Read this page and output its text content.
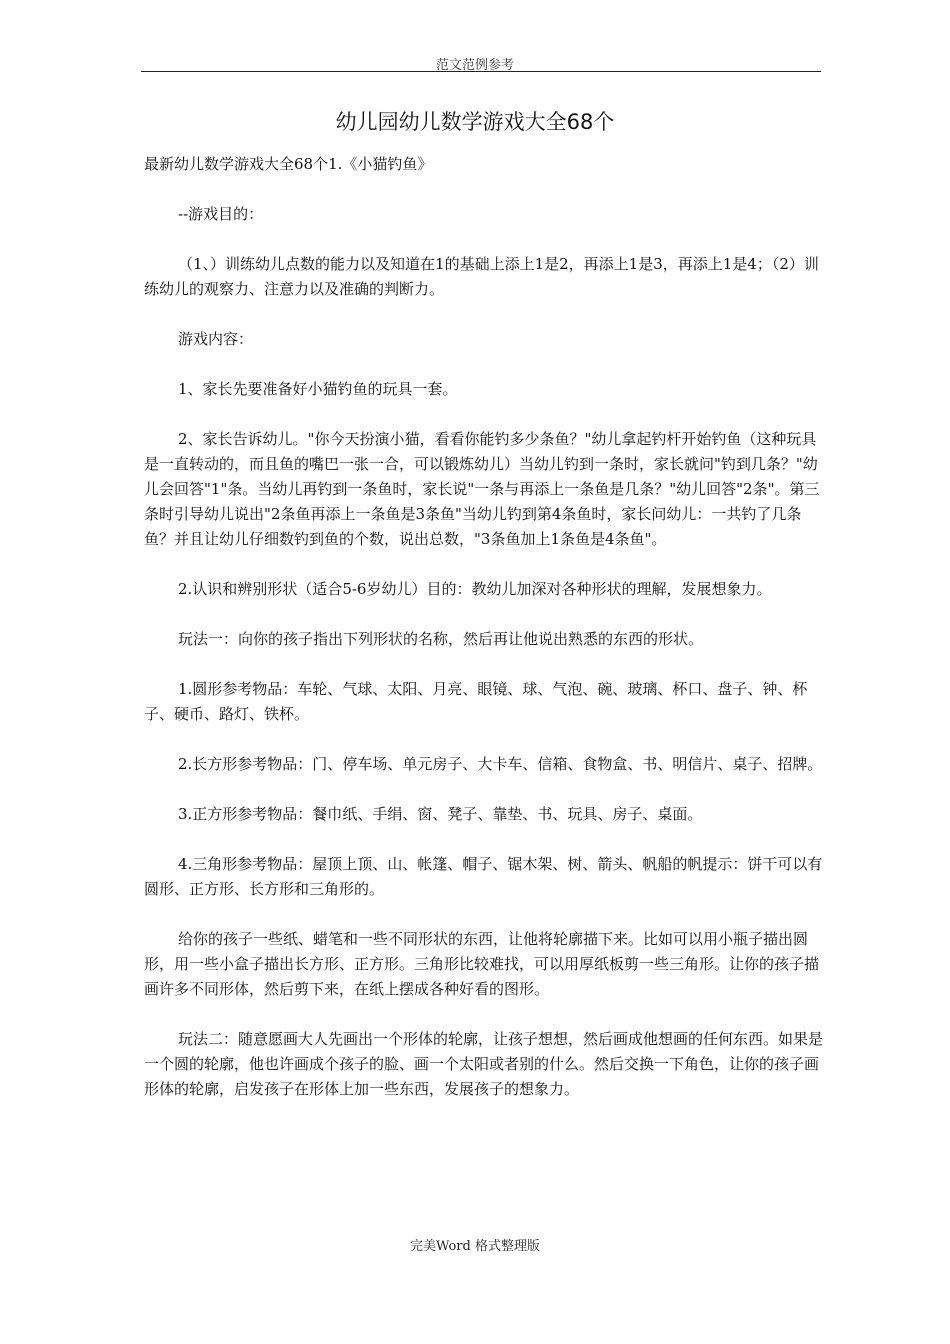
范文范例参考
幼儿园幼儿数学游戏大全68个

最新幼儿数学游戏大全68个1.《小猫钓鱼》

--游戏目的：

（1、）训练幼儿点数的能力以及知道在1的基础上添上1是2，再添上1是3，再添上1是4；（2）训练幼儿的观察力、注意力以及准确的判断力。

游戏内容：

1、家长先要准备好小猫钓鱼的玩具一套。

2、家长告诉幼儿。"你今天扮演小猫，看看你能钓多少条鱼？"幼儿拿起钓杆开始钓鱼（这种玩具是一直转动的，而且鱼的嘴巴一张一合，可以锻炼幼儿）当幼儿钓到一条时，家长就问"钓到几条？"幼儿会回答"1"条。当幼儿再钓到一条鱼时，家长说"一条与再添上一条鱼是几条？"幼儿回答"2条"。第三条时引导幼儿说出"2条鱼再添上一条鱼是3条鱼"当幼儿钓到第4条鱼时，家长问幼儿：一共钓了几条鱼？并且让幼儿仔细数钓到鱼的个数，说出总数，"3条鱼加上1条鱼是4条鱼"。

2.认识和辨别形状（适合5-6岁幼儿）目的：教幼儿加深对各种形状的理解，发展想象力。

玩法一：向你的孩子指出下列形状的名称，然后再让他说出熟悉的东西的形状。

1.圆形参考物品：车轮、气球、太阳、月亮、眼镜、球、气泡、碗、玻璃、杯口、盘子、钟、杯子、硬币、路灯、铁杯。

2.长方形参考物品：门、停车场、单元房子、大卡车、信箱、食物盒、书、明信片、桌子、招牌。

3.正方形参考物品：餐巾纸、手绢、窗、凳子、靠垫、书、玩具、房子、桌面。

4.三角形参考物品：屋顶上顶、山、帐篷、帽子、锯木架、树、箭头、帆船的帆提示：饼干可以有圆形、正方形、长方形和三角形的。

给你的孩子一些纸、蜡笔和一些不同形状的东西，让他将轮廓描下来。比如可以用小瓶子描出圆形，用一些小盒子描出长方形、正方形。三角形比较难找，可以用厚纸板剪一些三角形。让你的孩子描画许多不同形体，然后剪下来，在纸上摆成各种好看的图形。

玩法二：随意愿画大人先画出一个形体的轮廓，让孩子想想，然后画成他想画的任何东西。如果是一个圆的轮廓，他也许画成个孩子的脸、画一个太阳或者别的什么。然后交换一下角色，让你的孩子画形体的轮廓，启发孩子在形体上加一些东西，发展孩子的想象力。

完美Word 格式整理版
